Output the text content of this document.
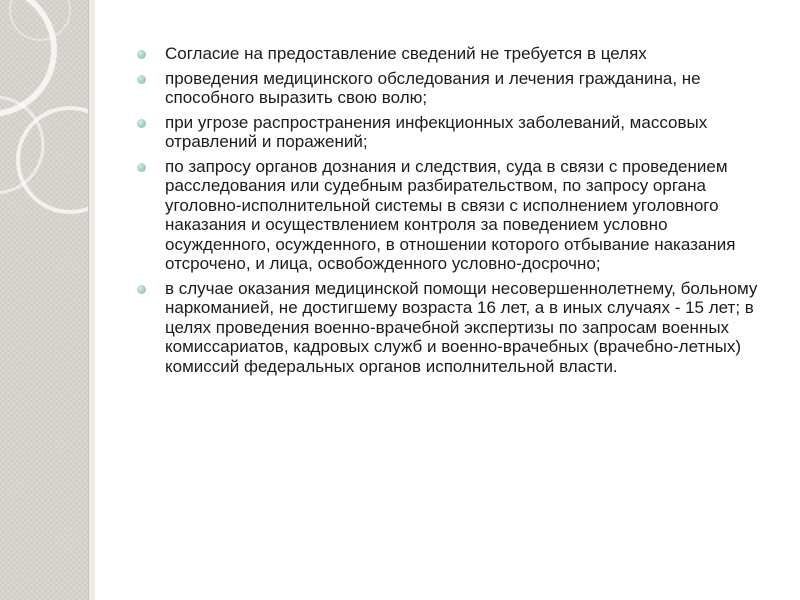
Согласие на предоставление сведений не требуется в целях
проведения медицинского обследования и лечения гражданина, не способного выразить свою волю;
при угрозе распространения инфекционных заболеваний, массовых отравлений и поражений;
по запросу органов дознания и следствия, суда в связи с проведением расследования или судебным разбирательством, по запросу органа уголовно-исполнительной системы в связи с исполнением уголовного наказания и осуществлением контроля за поведением условно осужденного, осужденного, в отношении которого отбывание наказания отсрочено, и лица, освобожденного условно-досрочно;
в случае оказания медицинской помощи несовершеннолетнему, больному наркоманией, не достигшему возраста 16 лет, а в иных случаях - 15 лет; в целях проведения военно-врачебной экспертизы по запросам военных комиссариатов, кадровых служб и военно-врачебных (врачебно-летных) комиссий федеральных органов исполнительной власти.
